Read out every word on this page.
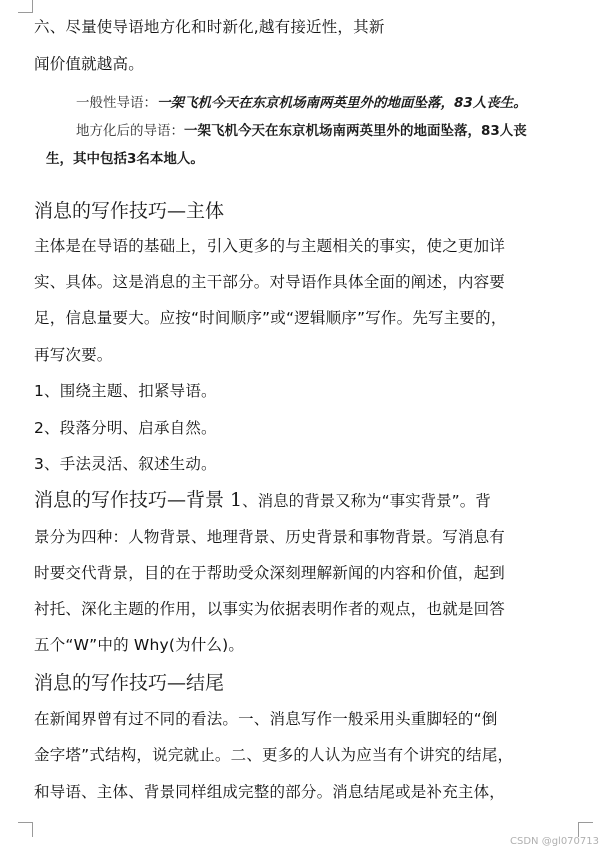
六、尽量使导语地方化和时新化,越有接近性，其新
闻价值就越高。
一般性导语：一架飞机今天在东京机场南两英里外的地面坠落，83人丧生。
地方化后的导语：一架飞机今天在东京机场南两英里外的地面坠落，83人丧
生，其中包括3名本地人。
消息的写作技巧—主体
主体是在导语的基础上，引入更多的与主题相关的事实，使之更加详
实、具体。这是消息的主干部分。对导语作具体全面的阐述，内容要
足，信息量要大。应按“时间顺序”或“逻辑顺序”写作。先写主要的，
再写次要。
1、围绕主题、扣紧导语。
2、段落分明、启承自然。
3、手法灵活、叙述生动。
消息的写作技巧—背景 1、消息的背景又称为“事实背景”。背
景分为四种：人物背景、地理背景、历史背景和事物背景。写消息有
时要交代背景，目的在于帮助受众深刻理解新闻的内容和价值，起到
衬托、深化主题的作用，以事实为依据表明作者的观点，也就是回答
五个“W”中的 Why(为什么)。
消息的写作技巧—结尾
在新闻界曾有过不同的看法。一、消息写作一般采用头重脚轻的“倒
金字塔”式结构，说完就止。二、更多的人认为应当有个讲究的结尾，
和导语、主体、背景同样组成完整的部分。消息结尾或是补充主体，
CSDN @gl070713
